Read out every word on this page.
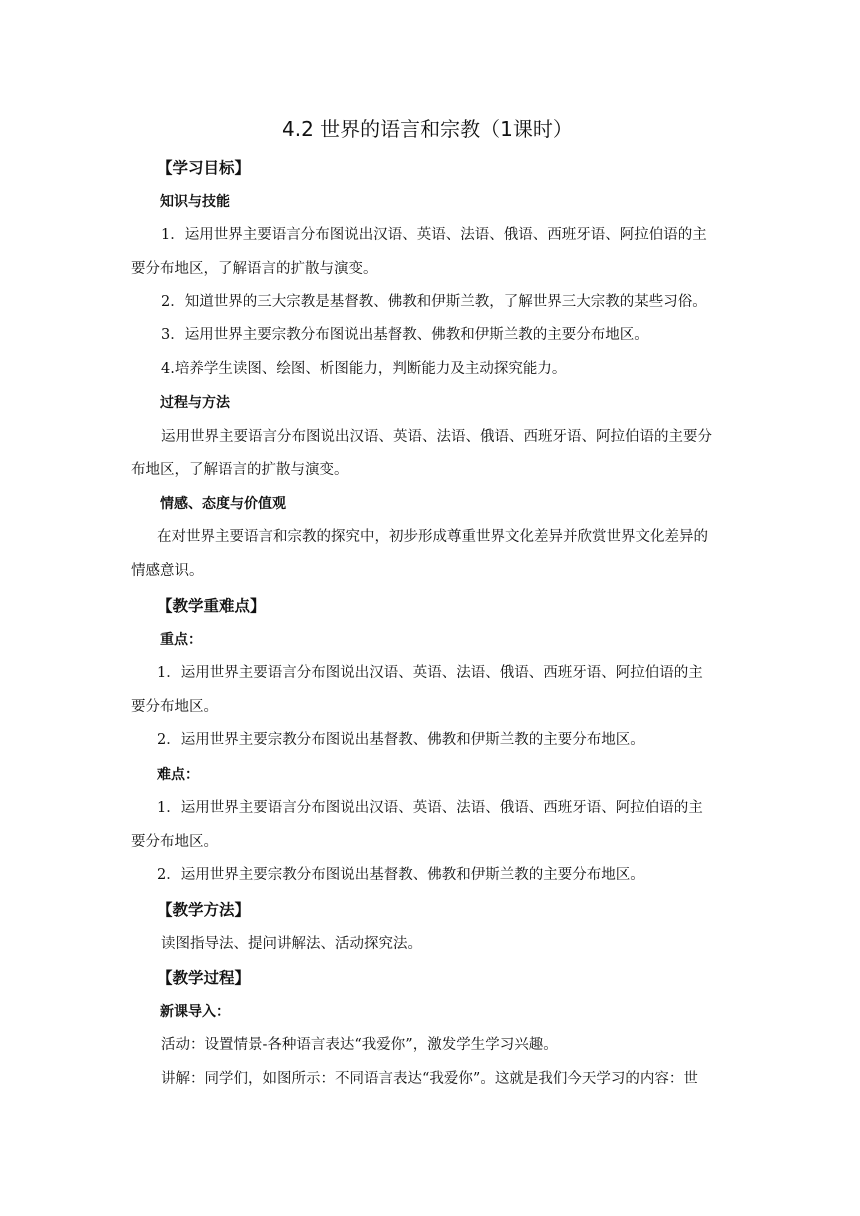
4.2 世界的语言和宗教（1课时）
【学习目标】
知识与技能
1．运用世界主要语言分布图说出汉语、英语、法语、俄语、西班牙语、阿拉伯语的主
要分布地区，了解语言的扩散与演变。
2．知道世界的三大宗教是基督教、佛教和伊斯兰教，了解世界三大宗教的某些习俗。
3．运用世界主要宗教分布图说出基督教、佛教和伊斯兰教的主要分布地区。
4.培养学生读图、绘图、析图能力，判断能力及主动探究能力。
过程与方法
运用世界主要语言分布图说出汉语、英语、法语、俄语、西班牙语、阿拉伯语的主要分
布地区，了解语言的扩散与演变。
情感、态度与价值观
在对世界主要语言和宗教的探究中，初步形成尊重世界文化差异并欣赏世界文化差异的
情感意识。
【教学重难点】
重点：
1．运用世界主要语言分布图说出汉语、英语、法语、俄语、西班牙语、阿拉伯语的主
要分布地区。
2．运用世界主要宗教分布图说出基督教、佛教和伊斯兰教的主要分布地区。
难点：
1．运用世界主要语言分布图说出汉语、英语、法语、俄语、西班牙语、阿拉伯语的主
要分布地区。
2．运用世界主要宗教分布图说出基督教、佛教和伊斯兰教的主要分布地区。
【教学方法】
读图指导法、提问讲解法、活动探究法。
【教学过程】
新课导入：
活动：设置情景-各种语言表达“我爱你”，激发学生学习兴趣。
讲解：同学们，如图所示：不同语言表达“我爱你”。这就是我们今天学习的内容：世
